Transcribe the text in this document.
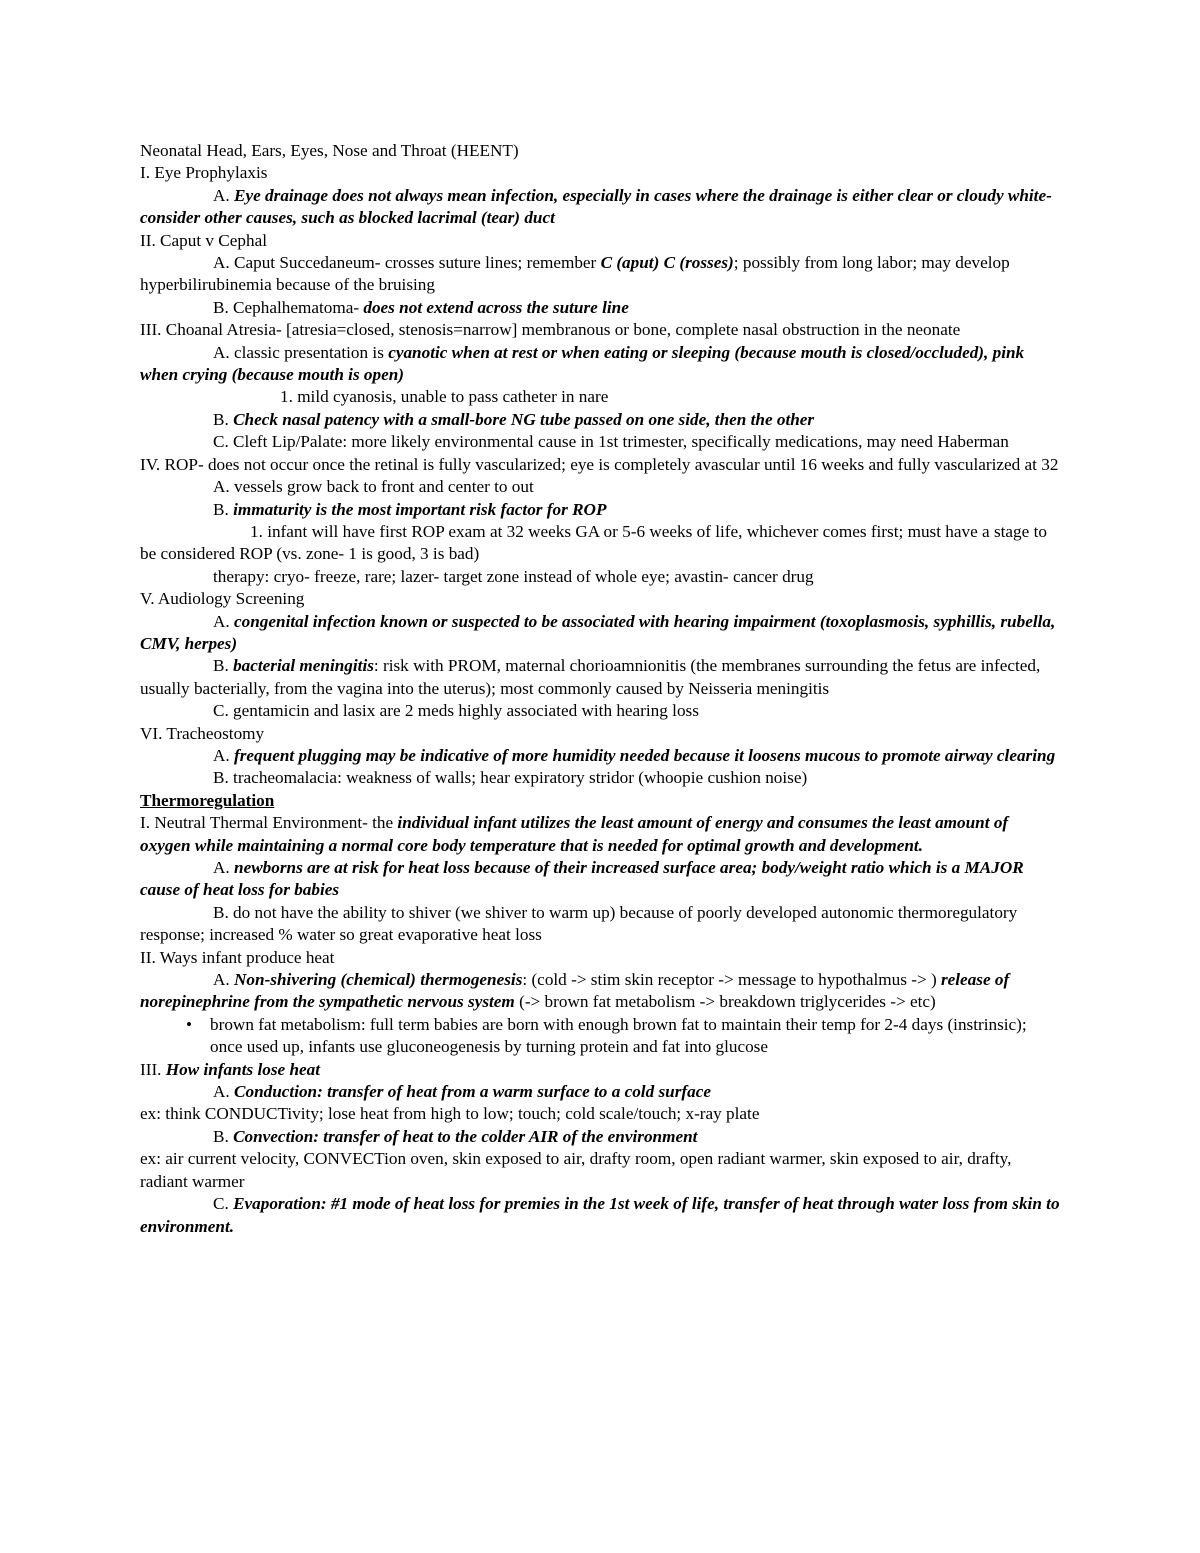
Neonatal Head, Ears, Eyes, Nose and Throat (HEENT)

I. Eye Prophylaxis

A. Eye drainage does not always mean infection, especially in cases where the drainage is either clear or cloudy white- consider other causes, such as blocked lacrimal (tear) duct

II. Caput v Cephal

A. Caput Succedaneum- crosses suture lines; remember C (aput) C (rosses); possibly from long labor; may develop hyperbilirubinemia because of the bruising

B. Cephalhematoma- does not extend across the suture line

III. Choanal Atresia- [atresia=closed, stenosis=narrow] membranous or bone, complete nasal obstruction in the neonate

A. classic presentation is cyanotic when at rest or when eating or sleeping (because mouth is closed/occluded), pink when crying (because mouth is open)

1. mild cyanosis, unable to pass catheter in nare

B. Check nasal patency with a small-bore NG tube passed on one side, then the other

C. Cleft Lip/Palate: more likely environmental cause in 1st trimester, specifically medications, may need Haberman

IV. ROP- does not occur once the retinal is fully vascularized; eye is completely avascular until 16 weeks and fully vascularized at 32

A. vessels grow back to front and center to out

B. immaturity is the most important risk factor for ROP

1. infant will have first ROP exam at 32 weeks GA or 5-6 weeks of life, whichever comes first; must have a stage to be considered ROP (vs. zone- 1 is good, 3 is bad)

therapy: cryo- freeze, rare; lazer- target zone instead of whole eye; avastin- cancer drug

V. Audiology Screening

A. congenital infection known or suspected to be associated with hearing impairment (toxoplasmosis, syphillis, rubella, CMV, herpes)

B. bacterial meningitis: risk with PROM, maternal chorioamnionitis (the membranes surrounding the fetus are infected, usually bacterially, from the vagina into the uterus); most commonly caused by Neisseria meningitis

C. gentamicin and lasix are 2 meds highly associated with hearing loss

VI. Tracheostomy

A. frequent plugging may be indicative of more humidity needed because it loosens mucous to promote airway clearing

B. tracheomalacia: weakness of walls; hear expiratory stridor (whoopie cushion noise)

Thermoregulation

I. Neutral Thermal Environment- the individual infant utilizes the least amount of energy and consumes the least amount of oxygen while maintaining a normal core body temperature that is needed for optimal growth and development.

A. newborns are at risk for heat loss because of their increased surface area; body/weight ratio which is a MAJOR cause of heat loss for babies

B. do not have the ability to shiver (we shiver to warm up) because of poorly developed autonomic thermoregulatory response; increased % water so great evaporative heat loss

II. Ways infant produce heat

A. Non-shivering (chemical) thermogenesis: (cold -> stim skin receptor -> message to hypothalmus -> ) release of norepinephrine from the sympathetic nervous system (-> brown fat metabolism -> breakdown triglycerides -> etc)

•	brown fat metabolism: full term babies are born with enough brown fat to maintain their temp for 2-4 days (instrinsic); once used up, infants use gluconeogenesis by turning protein and fat into glucose

III. How infants lose heat

A. Conduction: transfer of heat from a warm surface to a cold surface

ex: think CONDUCTivity; lose heat from high to low; touch; cold scale/touch; x-ray plate

B. Convection: transfer of heat to the colder AIR of the environment

ex: air current velocity, CONVECTion oven, skin exposed to air, drafty room, open radiant warmer, skin exposed to air, drafty, radiant warmer

C. Evaporation: #1 mode of heat loss for premies in the 1st week of life, transfer of heat through water loss from skin to environment.
